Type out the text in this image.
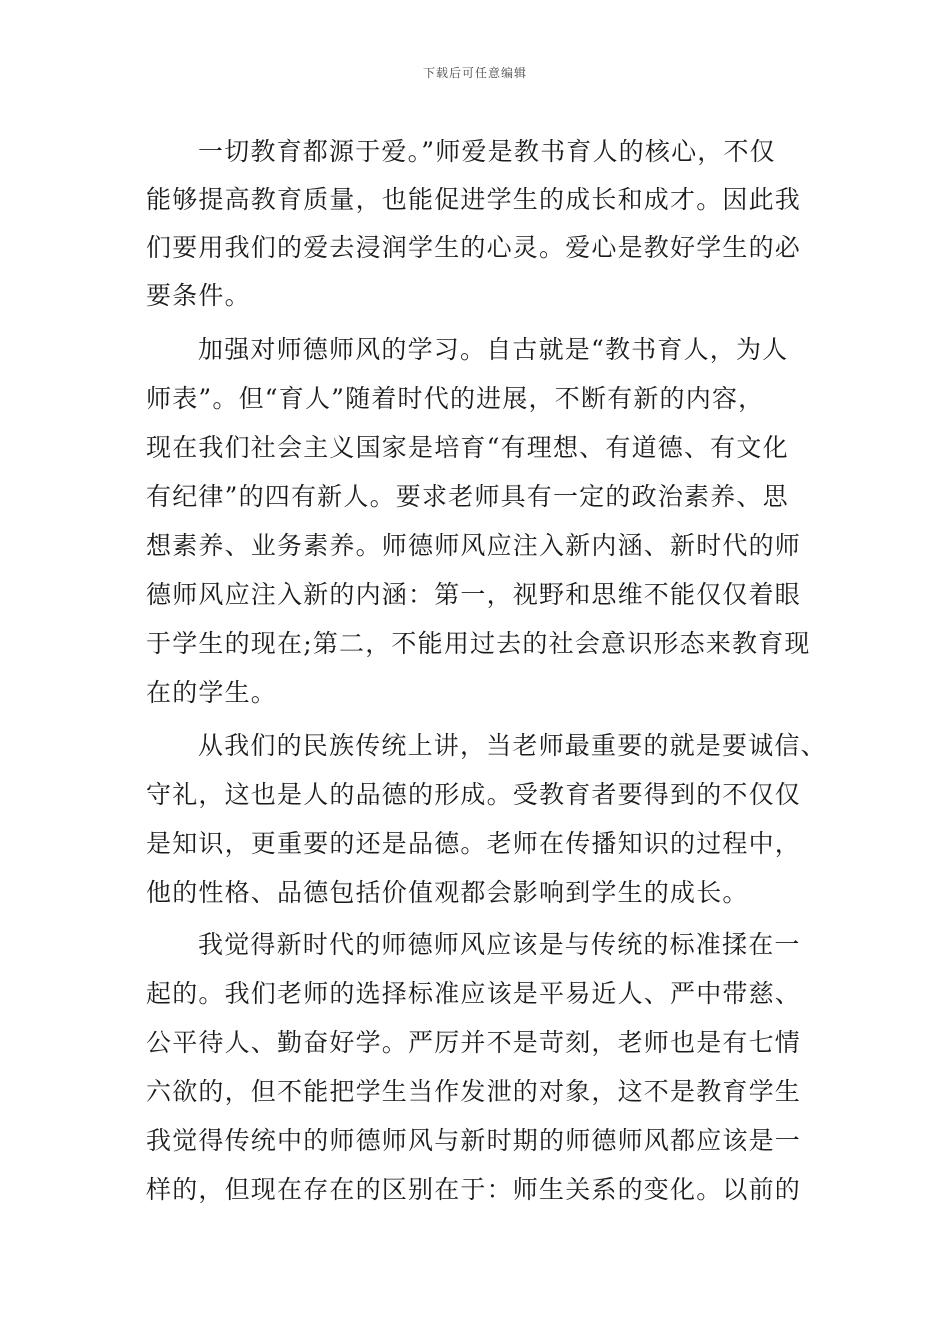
下载后可任意编辑
一切教育都源于爱。”师爱是教书育人的核心，不仅
能够提高教育质量，也能促进学生的成长和成才。因此我
们要用我们的爱去浸润学生的心灵。爱心是教好学生的必
要条件。
加强对师德师风的学习。自古就是“教书育人，为人
师表”。但“育人”随着时代的进展，不断有新的内容，
现在我们社会主义国家是培育“有理想、有道德、有文化
有纪律”的四有新人。要求老师具有一定的政治素养、思
想素养、业务素养。师德师风应注入新内涵、新时代的师
德师风应注入新的内涵：第一，视野和思维不能仅仅着眼
于学生的现在;第二，不能用过去的社会意识形态来教育现
在的学生。
从我们的民族传统上讲，当老师最重要的就是要诚信、
守礼，这也是人的品德的形成。受教育者要得到的不仅仅
是知识，更重要的还是品德。老师在传播知识的过程中，
他的性格、品德包括价值观都会影响到学生的成长。
我觉得新时代的师德师风应该是与传统的标准揉在一
起的。我们老师的选择标准应该是平易近人、严中带慈、
公平待人、勤奋好学。严厉并不是苛刻，老师也是有七情
六欲的，但不能把学生当作发泄的对象，这不是教育学生
我觉得传统中的师德师风与新时期的师德师风都应该是一
样的，但现在存在的区别在于：师生关系的变化。以前的
